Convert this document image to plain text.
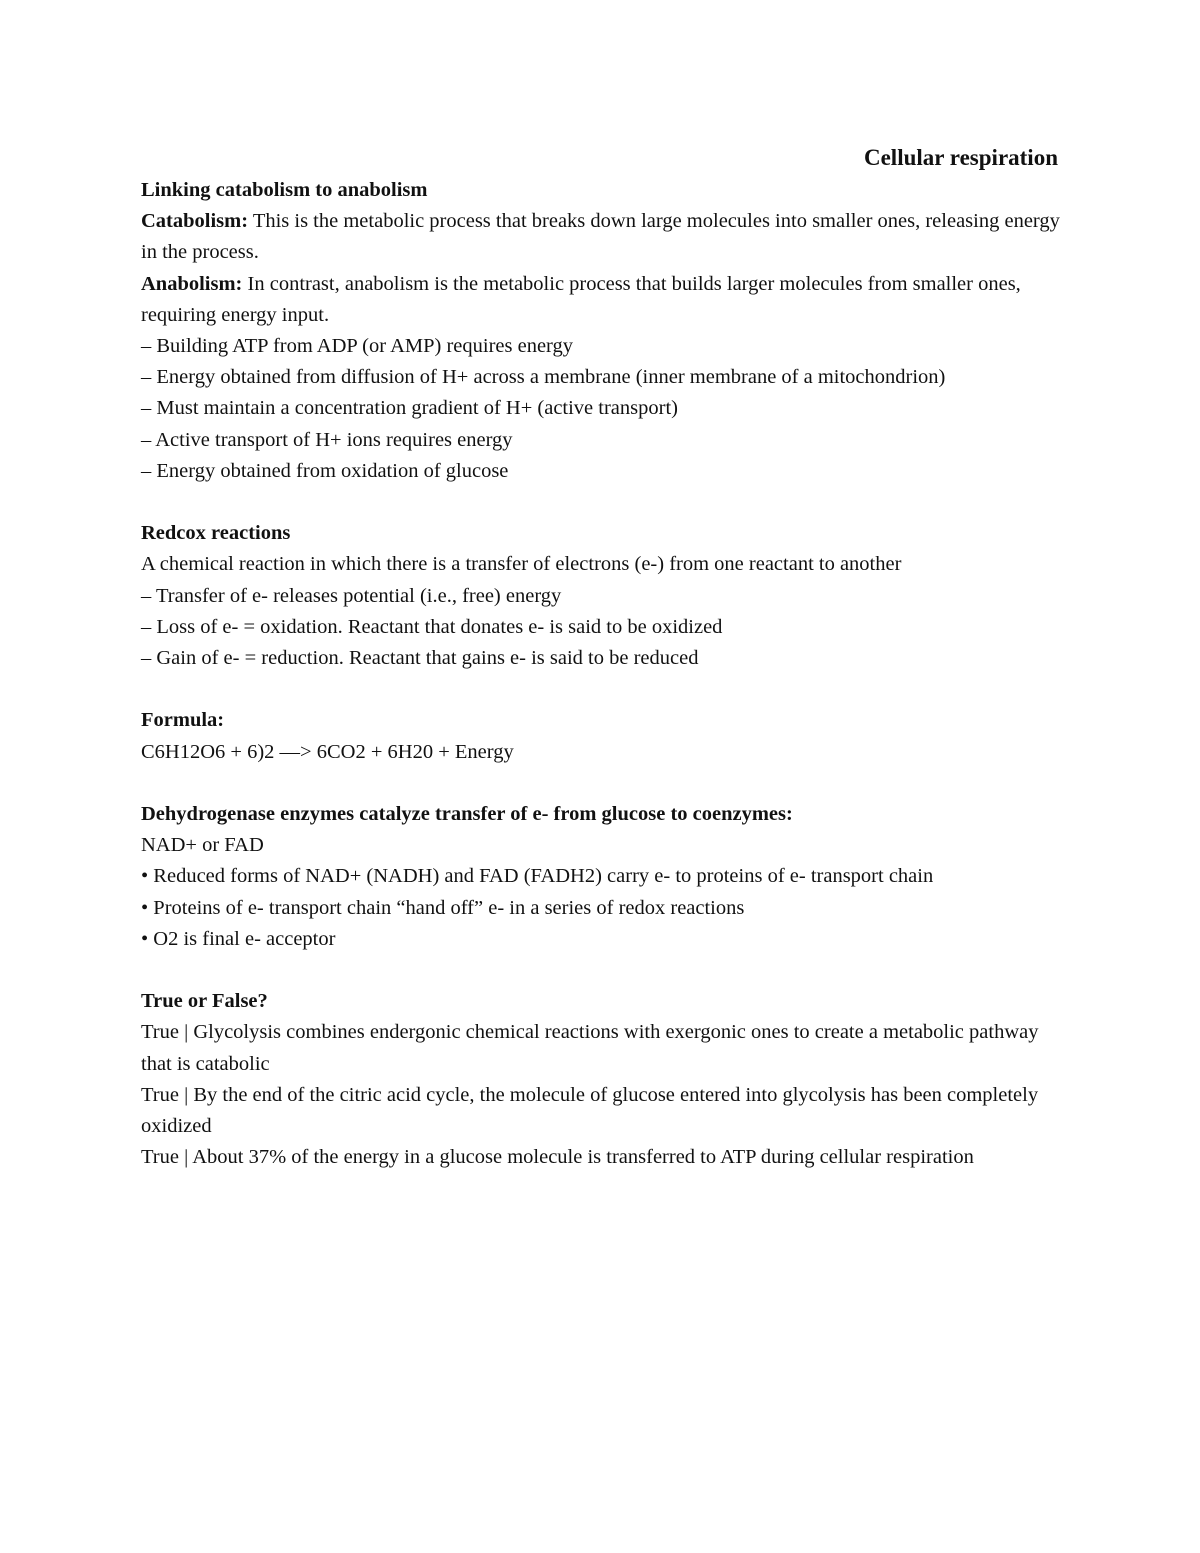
Cellular respiration
Linking catabolism to anabolism

Catabolism: This is the metabolic process that breaks down large molecules into smaller ones, releasing energy in the process.

Anabolism: In contrast, anabolism is the metabolic process that builds larger molecules from smaller ones, requiring energy input.

– Building ATP from ADP (or AMP) requires energy

– Energy obtained from diffusion of H+ across a membrane (inner membrane of a mitochondrion)

– Must maintain a concentration gradient of H+ (active transport)

– Active transport of H+ ions requires energy

– Energy obtained from oxidation of glucose

Redcox reactions

A chemical reaction in which there is a transfer of electrons (e-) from one reactant to another

– Transfer of e- releases potential (i.e., free) energy

– Loss of e- = oxidation. Reactant that donates e- is said to be oxidized

– Gain of e- = reduction. Reactant that gains e- is said to be reduced

Formula:

C6H12O6 + 6)2 —> 6CO2 + 6H20 + Energy

Dehydrogenase enzymes catalyze transfer of e- from glucose to coenzymes:

NAD+ or FAD

• Reduced forms of NAD+ (NADH) and FAD (FADH2) carry e- to proteins of e- transport chain

• Proteins of e- transport chain “hand off” e- in a series of redox reactions

• O2 is final e- acceptor

True or False?

True | Glycolysis combines endergonic chemical reactions with exergonic ones to create a metabolic pathway that is catabolic

True | By the end of the citric acid cycle, the molecule of glucose entered into glycolysis has been completely oxidized

True | About 37% of the energy in a glucose molecule is transferred to ATP during cellular respiration
